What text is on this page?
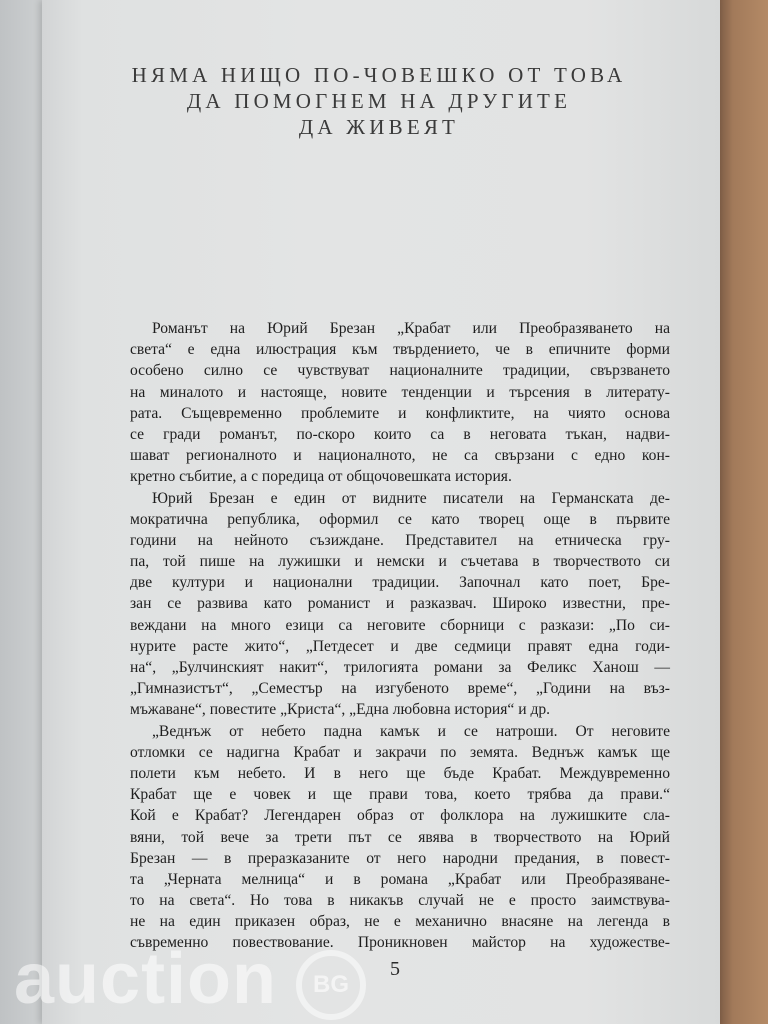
НЯМА НИЩО ПО-ЧОВЕШКО ОТ ТОВА
ДА ПОМОГНЕМ НА ДРУГИТЕ
ДА ЖИВЕЯТ
Романът на Юрий Брезан „Крабат или Преобразяването на
света“ е една илюстрация към твърдението, че в епичните форми
особено силно се чувствуват националните традиции, свързването
на миналото и настояще, новите тенденции и търсения в литерату-
рата. Същевременно проблемите и конфликтите, на чиято основа
се гради романът, по-скоро които са в неговата тъкан, надви-
шават регионалното и националното, не са свързани с едно кон-
кретно събитие, а с поредица от общочовешката история.
Юрий Брезан е един от видните писатели на Германската де-
мократична република, оформил се като творец още в първите
години на нейното съзиждане. Представител на етническа гру-
па, той пише на лужишки и немски и съчетава в творчеството си
две култури и национални традиции. Започнал като поет, Бре-
зан се развива като романист и разказвач. Широко известни, пре-
веждани на много езици са неговите сборници с разкази: „По си-
нурите расте жито“, „Петдесет и две седмици правят една годи-
на“, „Булчинският накит“, трилогията романи за Феликс Ханош —
„Гимназистът“, „Семестър на изгубеното време“, „Години на въз-
мъжаване“, повестите „Криста“, „Една любовна история“ и др.
„Веднъж от небето падна камък и се натроши. От неговите
отломки се надигна Крабат и закрачи по земята. Веднъж камък ще
полети към небето. И в него ще бъде Крабат. Междувременно
Крабат ще е човек и ще прави това, което трябва да прави.“
Кой е Крабат? Легендарен образ от фолклора на лужишките сла-
вяни, той вече за трети път се явява в творчеството на Юрий
Брезан — в преразказаните от него народни предания, в повест-
та „Черната мелница“ и в романа „Крабат или Преобразяване-
то на света“. Но това в никакъв случай не е просто заимствува-
не на един приказен образ, не е механично внасяне на легенда в
съвременно повествование. Проникновен майстор на художестве-
5
auction	BG
